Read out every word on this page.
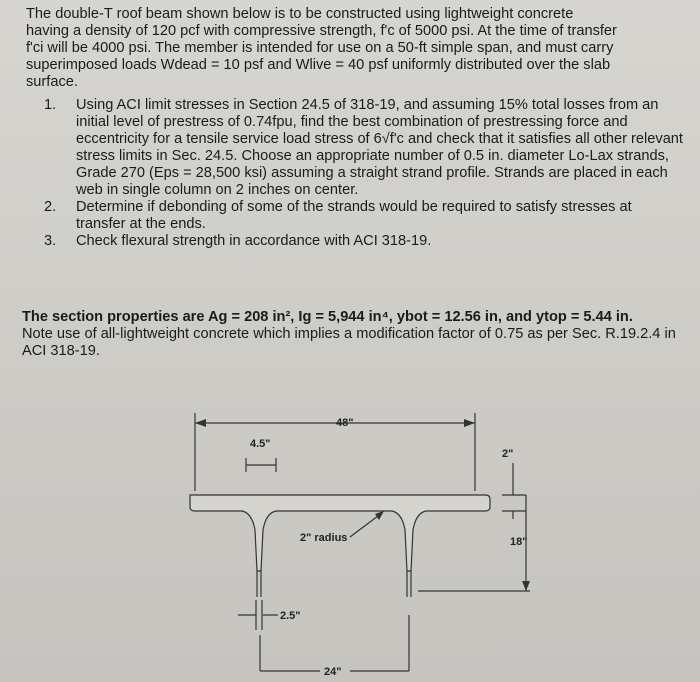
The double-T roof beam shown below is to be constructed using lightweight concrete
having a density of 120 pcf with compressive strength, f'c of 5000 psi. At the time of transfer
f'ci will be 4000 psi. The member is intended for use on a 50-ft simple span, and must carry
superimposed loads Wdead = 10 psf and Wlive = 40 psf uniformly distributed over the slab
surface.
1. Using ACI limit stresses in Section 24.5 of 318-19, and assuming 15% total losses from an initial level of prestress of 0.74fpu, find the best combination of prestressing force and eccentricity for a tensile service load stress of 6√f'c and check that it satisfies all other relevant stress limits in Sec. 24.5. Choose an appropriate number of 0.5 in. diameter Lo-Lax strands, Grade 270 (Eps = 28,500 ksi) assuming a straight strand profile. Strands are placed in each web in single column on 2 inches on center.
2. Determine if debonding of some of the strands would be required to satisfy stresses at transfer at the ends.
3. Check flexural strength in accordance with ACI 318-19.
The section properties are Ag = 208 in², Ig = 5,944 in⁴, ybot = 12.56 in, and ytop = 5.44 in.
Note use of all-lightweight concrete which implies a modification factor of 0.75 as per Sec. R.19.2.4 in ACI 318-19.
48"
4.5"
2"
18"
2" radius
2.5"
24"
